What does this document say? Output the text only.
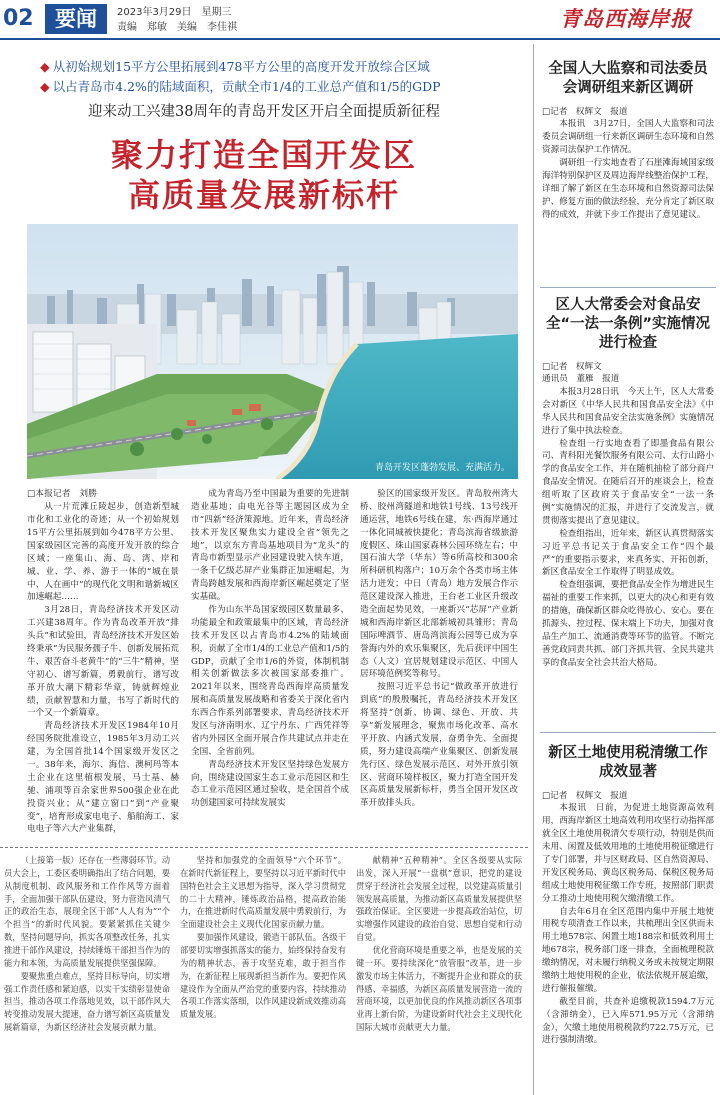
02	要闻	2023年3月29日　星期三
责编　郑敏　美编　李佳祺	青岛西海岸报
◆ 从初始规划15平方公里拓展到478平方公里的高度开发开放综合区域
◆ 以占青岛市4.2%的陆域面积，贡献全市1/4的工业总产值和1/5的GDP
迎来动工兴建38周年的青岛开发区开启全面提质新征程
聚力打造全国开发区
高质量发展新标杆
青岛开发区蓬勃发展、充满活力。

□本报记者　刘勝

从一片荒滩丘陵起步，创造新型城市化和工业化的奇迹；从一个初始规划15平方公里拓展到如今478平方公里、国家级园区完善的高度开发开放的综合区域；一座集山、海、岛、湾、岸和城、业、学、养、游于一体的“城在景中、人在画中”的现代化文明和谐新城区加速崛起……

3月28日，青岛经济技术开发区动工兴建38周年。作为青岛改革开放“排头兵”和试验田，青岛经济技术开发区始终秉承“为民服务孺子牛、创新发展拓荒牛、艰苦奋斗老黄牛”的“三牛”精神，坚守初心、谱写新篇，勇毅前行，谱写改革开放大潮下精彩华章，铸就辉煌业绩，贡献智慧和力量，书写了新时代的一个又一个新篇章。

青岛经济技术开发区1984年10月经国务院批准设立，1985年3月动工兴建，为全国首批14个国家级开发区之一。38年来，海尔、海信、澳柯玛等本土企业在这里植根发展，马士基、赫驰、浦项等百余家世界500强企业在此投资兴业；从“建立窗口”到“产业聚变”，培育形成家电电子、船舶海工、家电电子等六大产业集群，

成为青岛乃至中国最为重要的先进制造业基地；由电光谷等主题园区成为全市“四新”经济策源地。近年来，青岛经济技术开发区聚焦实力建设全省“领先之地”，以京东方青岛基地项目为“龙头”的青岛市新型显示产业园建设驶入快车道，一条千亿级芯屏产业集群正加速崛起，为青岛跨越发展和西海岸新区崛起奠定了坚实基础。

作为山东半岛国家级园区数量最多、功能最全和政策最集中的区域，青岛经济技术开发区以占青岛市4.2%的陆域面积，贡献了全市1/4的工业总产值和1/5的GDP，贡献了全市1/6的外资，体制机制相关创新做法多次被国家部委推广。2021年以来，围绕青岛西海岸高质量发展和高质量发展战略和省委关于深化省内东西合作系列部署要求，青岛经济技术开发区与济南明水、辽宁丹东、广西凭祥等省内外园区全面开展合作共建试点并走在全国、全省前列。

青岛经济技术开发区坚持绿色发展方向，围绕建设国家生态工业示范园区和生态工业示范园区通过验收，是全国首个成功创建国家可持续发展实

验区的国家级开发区。青岛胶州湾大桥、胶州湾隧道和地铁1号线、13号线开通运营，地铁6号线在建，东·西海岸通过一体化同城被快捷化；青岛滨海省级旅游度假区、珠山国家森林公园环绕左右；中国石油大学（华东）等6所高校和300余所科研机构落户；10万余个各类市场主体活力迸发；中日（青岛）地方发展合作示范区建设深入推进，王台老工业区升级改造全面起势见效，一座新兴“芯屏”产业新城和西海岸新区北部新城初具雏形；青岛国际啤酒节、唐岛湾滨海公园等已成为享誉海内外的欢乐集聚区，先后获评中国生态（人文）宜居规划建设示范区、中国人居环境范例奖等称号。

按照习近平总书记“做政革开放进行到底”的殷殷嘱托，青岛经济技术开发区将坚持“创新、协调、绿色、开放、共享”新发展理念，聚焦市场化改革、高水平开放、内涵式发展，奋勇争先、全面提质，努力建设高端产业集聚区、创新发展先行区、绿色发展示范区、对外开放引领区、营商环境样板区，聚力打造全国开发区高质量发展新标杆，勇当全国开发区改革开放排头兵。

（上接第一版）还存在一些薄弱环节。动员大会上，工委区委明确指出了结合问题，要从制度机制、政风服务和工作作风等方面着手，全面加强干部队伍建设，努力营造风清气正的政治生态，展现全区干部“人人有为”“个个担当”的新时代风貌。要紧紧抓住关键少数，坚持问题导向，抓实各项整改任务，扎实推进干部作风建设，持续锤炼干部担当作为的能力和本领，为高质量发展提供坚强保障。

要聚焦重点难点，坚持目标导向，切实增强工作责任感和紧迫感，以实干实绩彰显使命担当，推动各项工作落地见效，以干部作风大转变推动发展大提速，奋力谱写新区高质量发展新篇章，为新区经济社会发展贡献力量。

坚持和加强党的全面领导“六个环节”。在新时代新征程上，要坚持以习近平新时代中国特色社会主义思想为指导，深入学习贯彻党的二十大精神，锤炼政治品格，提高政治能力，在推进新时代高质量发展中勇毅前行，为全面建设社会主义现代化国家贡献力量。

要加强作风建设，锻造干部队伍。各级干部要切实增强抓落实的能力，始终保持奋发有为的精神状态，善于攻坚克难，敢于担当作为，在新征程上展现新担当新作为。要把作风建设作为全面从严治党的重要内容，持续推动各项工作落实落细，以作风建设新成效推动高质量发展。

献精神“五种精神”。全区各级要从实际出发，深入开展“一盘棋”意识，把党的建设贯穿于经济社会发展全过程，以党建高质量引领发展高质量，为推动新区高质量发展提供坚强政治保证。全区要进一步提高政治站位，切实增强作风建设的政治自觉、思想自觉和行动自觉。

优化营商环境是重要之举，也是发展的关键一环。要持续深化“放管服”改革，进一步激发市场主体活力，不断提升企业和群众的获得感、幸福感，为新区高质量发展营造一流的营商环境，以更加优良的作风推动新区各项事业再上新台阶，为建设新时代社会主义现代化国际大城市贡献更大力量。

全国人大监察和司法委员会调研组来新区调研
□记者　权辉文　报道

本报讯　3月27日，全国人大监察和司法委员会调研组一行来新区调研生态环境和自然资源司法保护工作情况。

调研组一行实地查看了石崖滩海域国家级海洋特别保护区及周边海岸线整治保护工程，详细了解了新区在生态环境和自然资源司法保护、修复方面的做法经验，充分肯定了新区取得的成效，并就下步工作提出了意见建议。

区人大常委会对食品安全“一法一条例”实施情况进行检查
□记者　权辉文
通讯员　董雁　报道

本报3月28日讯　今天上午，区人大常委会对新区《中华人民共和国食品安全法》《中华人民共和国食品安全法实施条例》实施情况进行了集中执法检查。

检查组一行实地查看了即墨食品有限公司、青科阳光餐饮服务有限公司、太行山路小学的食品安全工作，并在随机抽检了部分商户食品安全情况。在随后召开的座谈会上，检查组听取了区政府关于食品安全“一法一条例”实施情况的汇报，并进行了交流发言，就贯彻落实提出了意见建议。

检查组指出，近年来，新区认真贯彻落实习近平总书记关于食品安全工作“四个最严”的重要指示要求，来真务实、开拓创新，新区食品安全工作取得了明显成效。

检查组强调，要把食品安全作为增进民生福祉的重要工作来抓，以更大的决心和更有效的措施，确保新区群众吃得放心、安心。要在抓源头、控过程、保末端上下功夫，加强对食品生产加工、流通消费等环节的监管。不断完善党政同责共抓、部门齐抓共管、全民共建共享的食品安全社会共治大格局。

新区土地使用税清缴工作成效显著
□记者　权辉文　报道

本报讯　日前，为促进土地资源高效利用，西海岸新区土地高效利用攻坚行动指挥部就全区土地使用税清欠专项行动，特别是供而未用、闲置及低效用地的土地使用税征缴进行了专门部署，并与区财政局、区自然资源局、开发区税务局、黄岛区税务局、保税区税务局组成土地使用税征缴工作专班，按照部门职责分工推动土地使用税欠缴清缴工作。

自去年6月在全区范围内集中开展土地使用税专项清查工作以来，共梳理出全区供而未用土地578宗、闲置土地188宗和低效利用土地678宗，税务部门逐一排查，全面梳理税款缴纳情况，对未履行纳税义务或未按规定期限缴纳土地使用税的企业，依法依规开展追缴，进行催报催缴。

截至目前，共查补追缴税款1594.7万元（含滞纳金），已入库571.95万元（含滞纳金），欠缴土地使用税税款约722.75万元，已进行强制清缴。
